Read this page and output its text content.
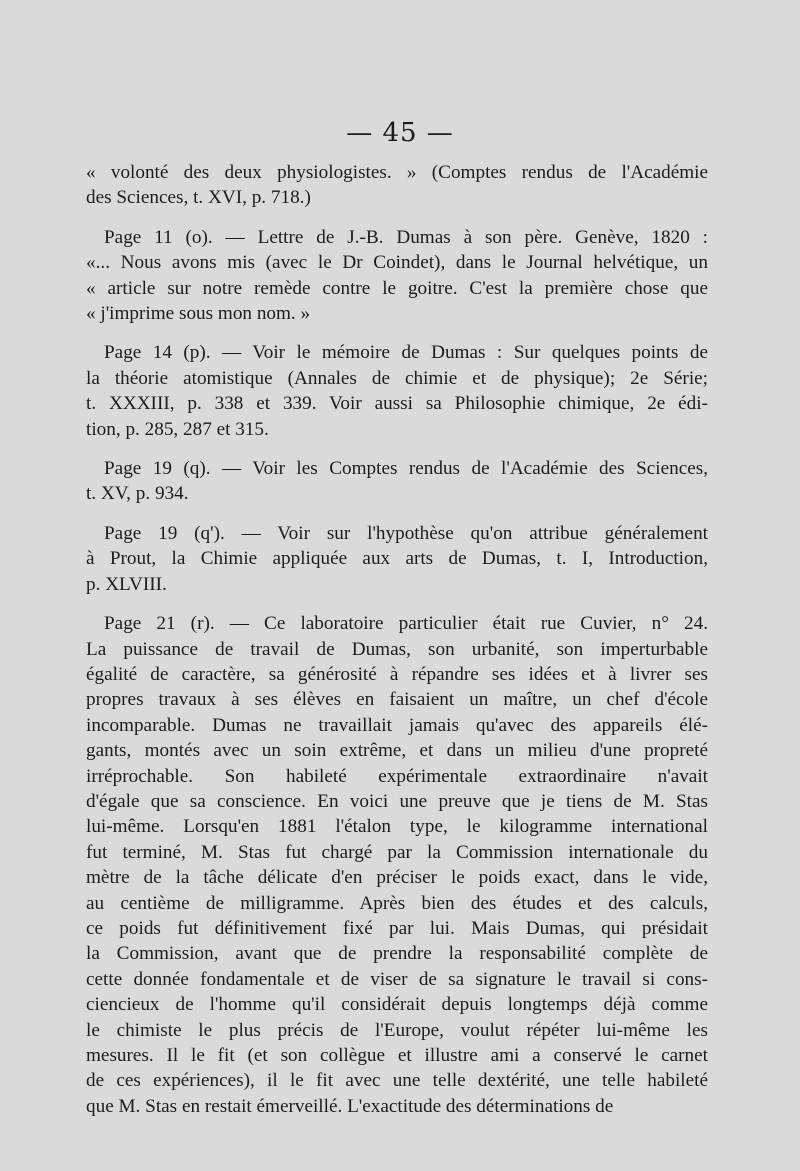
— 45 —
« volonté des deux physiologistes. » (Comptes rendus de l'Académie
des Sciences, t. XVI, p. 718.)
Page 11 (o). — Lettre de J.-B. Dumas à son père. Genève, 1820 :
«... Nous avons mis (avec le Dr Coindet), dans le Journal helvétique, un
« article sur notre remède contre le goitre. C'est la première chose que
« j'imprime sous mon nom. »
Page 14 (p). — Voir le mémoire de Dumas : Sur quelques points de
la théorie atomistique (Annales de chimie et de physique); 2e Série;
t. XXXIII, p. 338 et 339. Voir aussi sa Philosophie chimique, 2e édi-
tion, p. 285, 287 et 315.
Page 19 (q). — Voir les Comptes rendus de l'Académie des Sciences,
t. XV, p. 934.
Page 19 (q'). — Voir sur l'hypothèse qu'on attribue généralement
à Prout, la Chimie appliquée aux arts de Dumas, t. I, Introduction,
p. XLVIII.
Page 21 (r). — Ce laboratoire particulier était rue Cuvier, n° 24.
La puissance de travail de Dumas, son urbanité, son imperturbable
égalité de caractère, sa générosité à répandre ses idées et à livrer ses
propres travaux à ses élèves en faisaient un maître, un chef d'école
incomparable. Dumas ne travaillait jamais qu'avec des appareils élé-
gants, montés avec un soin extrême, et dans un milieu d'une propreté
irréprochable. Son habileté expérimentale extraordinaire n'avait
d'égale que sa conscience. En voici une preuve que je tiens de M. Stas
lui-même. Lorsqu'en 1881 l'étalon type, le kilogramme international
fut terminé, M. Stas fut chargé par la Commission internationale du
mètre de la tâche délicate d'en préciser le poids exact, dans le vide,
au centième de milligramme. Après bien des études et des calculs,
ce poids fut définitivement fixé par lui. Mais Dumas, qui présidait
la Commission, avant que de prendre la responsabilité complète de
cette donnée fondamentale et de viser de sa signature le travail si cons-
ciencieux de l'homme qu'il considérait depuis longtemps déjà comme
le chimiste le plus précis de l'Europe, voulut répéter lui-même les
mesures. Il le fit (et son collègue et illustre ami a conservé le carnet
de ces expériences), il le fit avec une telle dextérité, une telle habileté
que M. Stas en restait émerveillé. L'exactitude des déterminations de
